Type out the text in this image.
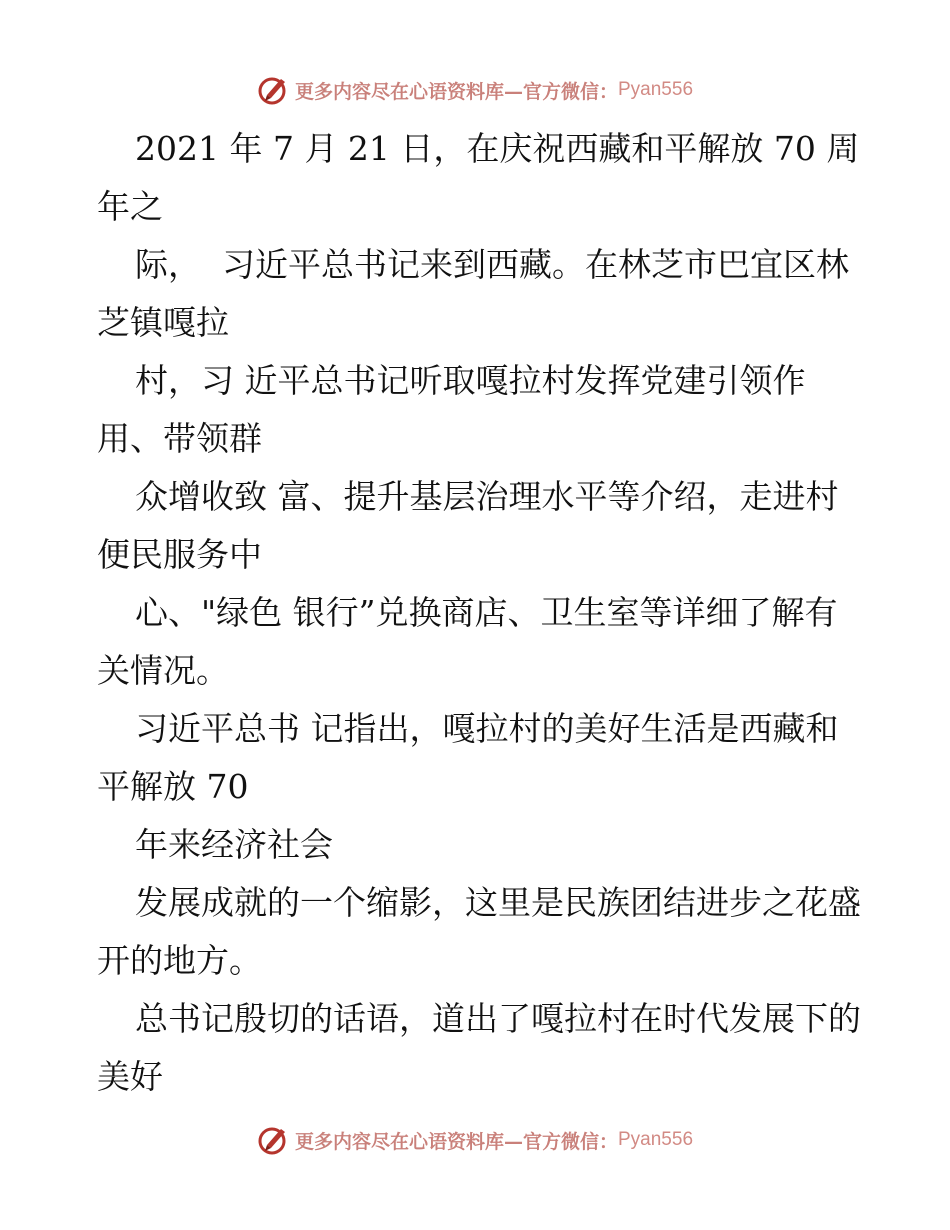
更多内容尽在心语资料库—官方微信： Pyan556

2021 年 7 月 21 日，在庆祝西藏和平解放 70 周年之

际，  习近平总书记来到西藏。在林芝市巴宜区林芝镇嘎拉

村，习 近平总书记听取嘎拉村发挥党建引领作用、带领群

众增收致 富、提升基层治理水平等介绍，走进村便民服务中

心、"绿色 银行”兑换商店、卫生室等详细了解有关情况。

习近平总书 记指出，嘎拉村的美好生活是西藏和平解放 70

年来经济社会

发展成就的一个缩影，这里是民族团结进步之花盛开的地方。

总书记殷切的话语，道出了嘎拉村在时代发展下的美好

更多内容尽在心语资料库—官方微信： Pyan556
